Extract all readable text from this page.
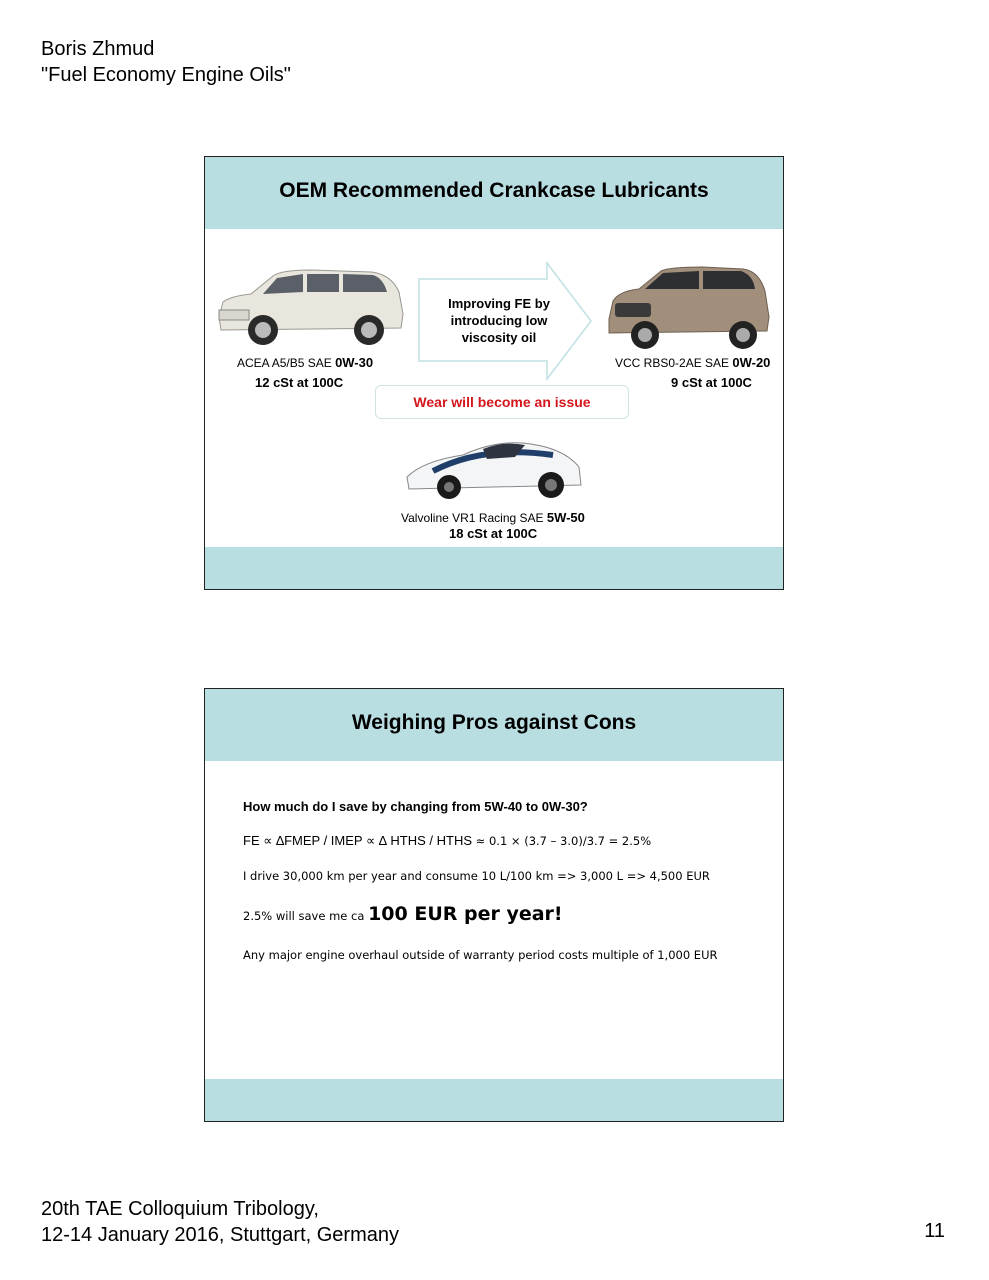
Boris Zhmud
"Fuel Economy Engine Oils"
OEM Recommended Crankcase Lubricants
Improving FE by introducing low viscosity oil
ACEA A5/B5 SAE 0W-30
12 cSt at 100C
VCC RBS0-2AE SAE 0W-20
9 cSt at 100C
Wear will become an issue
Valvoline VR1 Racing SAE 5W-50
18 cSt at 100C
Weighing Pros against Cons
How much do I save by changing from 5W-40 to 0W-30?
FE ∝ ∆FMEP / IMEP ∝ ∆ HTHS / HTHS ≈ 0.1 × (3.7 – 3.0)/3.7 = 2.5%
I drive 30,000 km per year and consume 10 L/100 km => 3,000 L => 4,500 EUR
2.5% will save me ca 100 EUR per year!
Any major engine overhaul outside of warranty period costs multiple of 1,000 EUR
20th TAE Colloquium Tribology,
12-14 January 2016, Stuttgart, Germany	11
